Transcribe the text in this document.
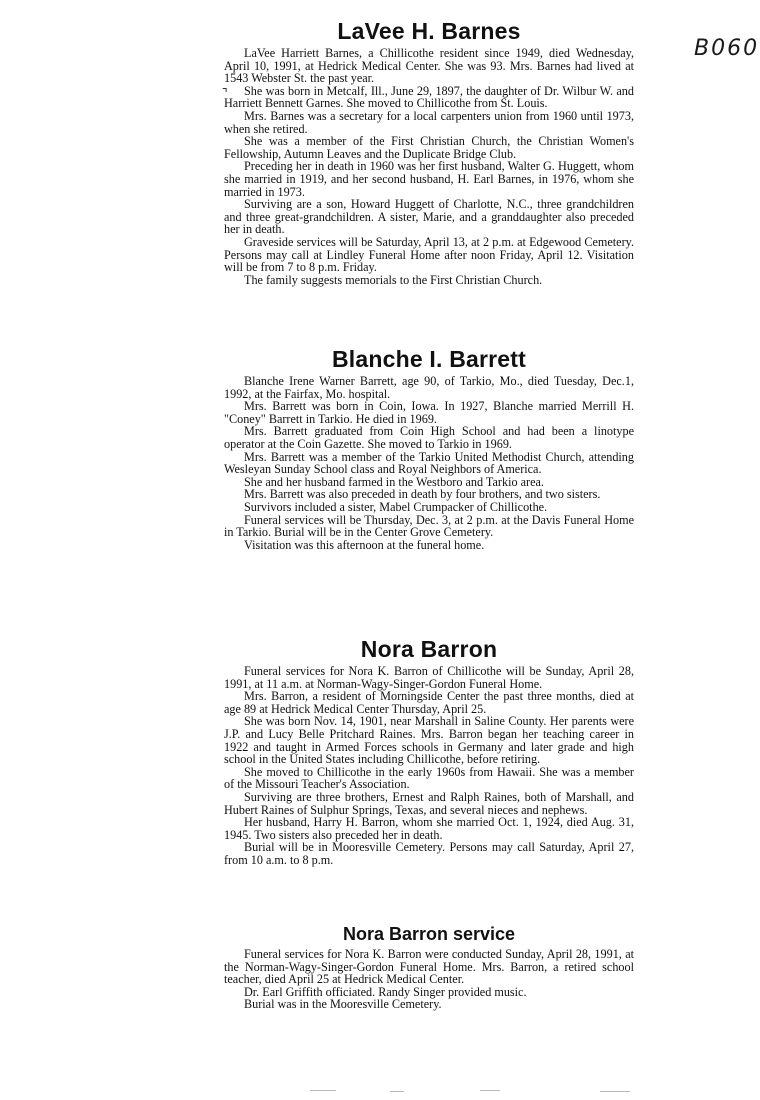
B060
⌝
LaVee H. Barnes

LaVee Harriett Barnes, a Chillicothe resident since 1949, died Wednesday, April 10, 1991, at Hedrick Medical Center. She was 93. Mrs. Barnes had lived at 1543 Webster St. the past year.

She was born in Metcalf, Ill., June 29, 1897, the daughter of Dr. Wilbur W. and Harriett Bennett Garnes. She moved to Chillicothe from St. Louis.

Mrs. Barnes was a secretary for a local carpenters union from 1960 until 1973, when she retired.

She was a member of the First Christian Church, the Christian Women's Fellowship, Autumn Leaves and the Duplicate Bridge Club.

Preceding her in death in 1960 was her first husband, Walter G. Huggett, whom she married in 1919, and her second husband, H. Earl Barnes, in 1976, whom she married in 1973.

Surviving are a son, Howard Huggett of Charlotte, N.C., three grandchildren and three great-grandchildren. A sister, Marie, and a granddaughter also preceded her in death.

Graveside services will be Saturday, April 13, at 2 p.m. at Edgewood Cemetery. Persons may call at Lindley Funeral Home after noon Friday, April 12. Visitation will be from 7 to 8 p.m. Friday.

The family suggests memorials to the First Christian Church.

Blanche I. Barrett

Blanche Irene Warner Barrett, age 90, of Tarkio, Mo., died Tuesday, Dec.1, 1992, at the Fairfax, Mo. hospital.

Mrs. Barrett was born in Coin, Iowa. In 1927, Blanche married Merrill H. "Coney" Barrett in Tarkio. He died in 1969.

Mrs. Barrett graduated from Coin High School and had been a linotype operator at the Coin Gazette. She moved to Tarkio in 1969.

Mrs. Barrett was a member of the Tarkio United Methodist Church, attending Wesleyan Sunday School class and Royal Neighbors of America.

She and her husband farmed in the Westboro and Tarkio area.

Mrs. Barrett was also preceded in death by four brothers, and two sisters.

Survivors included a sister, Mabel Crumpacker of Chillicothe.

Funeral services will be Thursday, Dec. 3, at 2 p.m. at the Davis Funeral Home in Tarkio. Burial will be in the Center Grove Cemetery.

Visitation was this afternoon at the funeral home.

Nora Barron

Funeral services for Nora K. Barron of Chillicothe will be Sunday, April 28, 1991, at 11 a.m. at Norman-Wagy-Singer-Gordon Funeral Home.

Mrs. Barron, a resident of Morningside Center the past three months, died at age 89 at Hedrick Medical Center Thursday, April 25.

She was born Nov. 14, 1901, near Marshall in Saline County. Her parents were J.P. and Lucy Belle Pritchard Raines. Mrs. Barron began her teaching career in 1922 and taught in Armed Forces schools in Germany and later grade and high school in the United States including Chillicothe, before retiring.

She moved to Chillicothe in the early 1960s from Hawaii. She was a member of the Missouri Teacher's Association.

Surviving are three brothers, Ernest and Ralph Raines, both of Marshall, and Hubert Raines of Sulphur Springs, Texas, and several nieces and nephews.

Her husband, Harry H. Barron, whom she married Oct. 1, 1924, died Aug. 31, 1945. Two sisters also preceded her in death.

Burial will be in Mooresville Cemetery. Persons may call Saturday, April 27, from 10 a.m. to 8 p.m.

Nora Barron service

Funeral services for Nora K. Barron were conducted Sunday, April 28, 1991, at the Norman-Wagy-Singer-Gordon Funeral Home. Mrs. Barron, a retired school teacher, died April 25 at Hedrick Medical Center.

Dr. Earl Griffith officiated. Randy Singer provided music.

Burial was in the Mooresville Cemetery.
